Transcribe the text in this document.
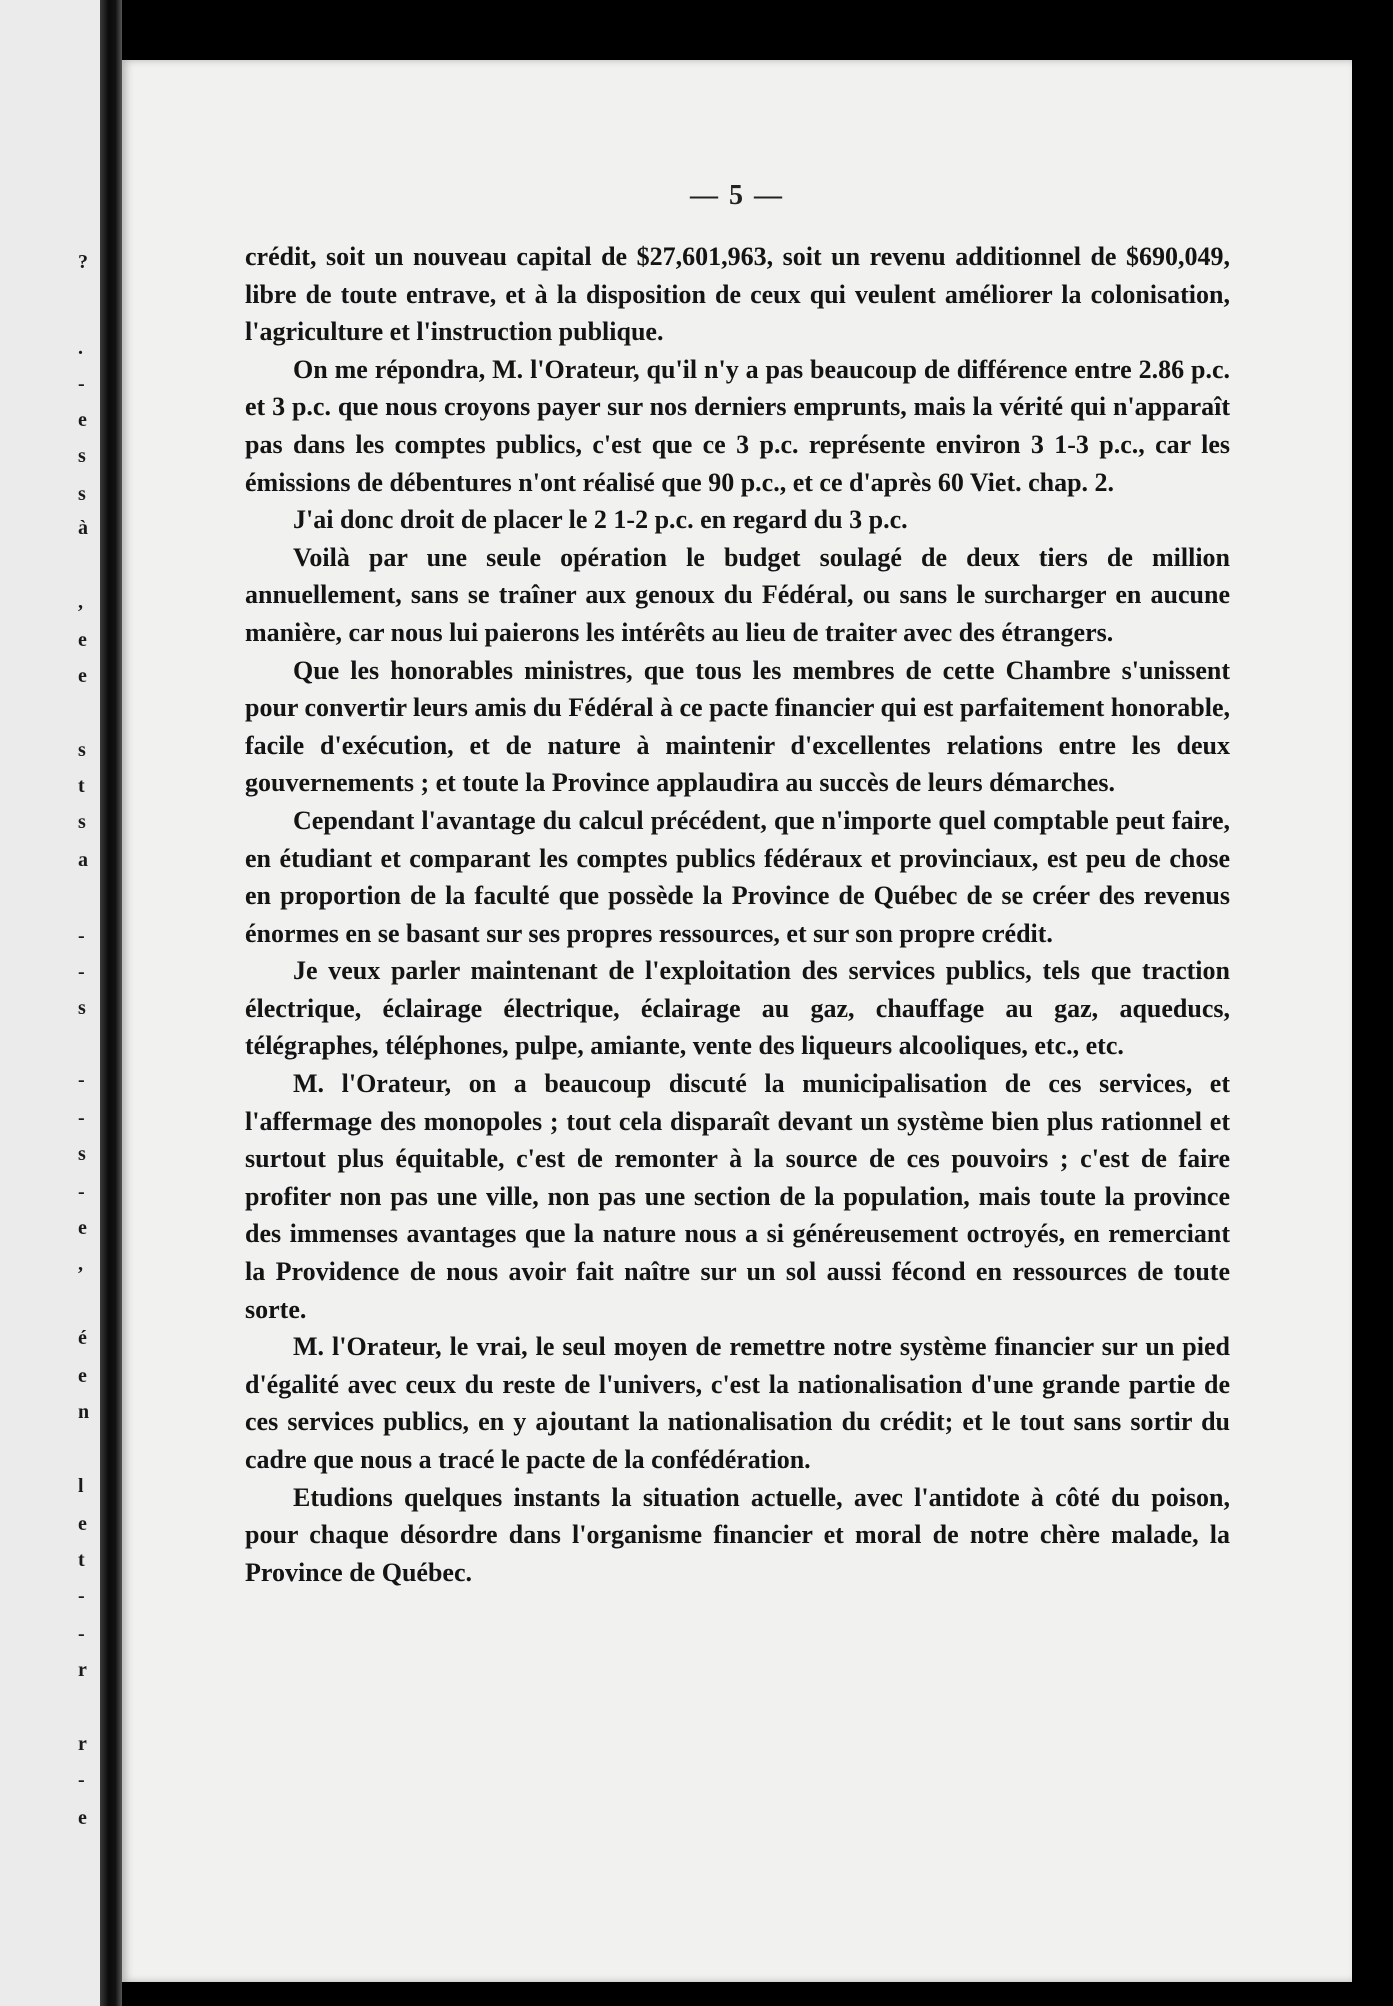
?
.
-
e
s
s
à
,
e
e
s
t
s
a
-
-
s
-
-
s
-
e
,
é
e
n
l
e
t
-
-
r
r
-
e
— 5 —

crédit, soit un nouveau capital de $27,601,963, soit un revenu additionnel de $690,049, libre de toute entrave, et à la disposition de ceux qui veulent améliorer la colonisation, l'agriculture et l'instruction publique.

On me répondra, M. l'Orateur, qu'il n'y a pas beaucoup de différence entre 2.86 p.c. et 3 p.c. que nous croyons payer sur nos derniers emprunts, mais la vérité qui n'apparaît pas dans les comptes publics, c'est que ce 3 p.c. représente environ 3 1-3 p.c., car les émissions de débentures n'ont réalisé que 90 p.c., et ce d'après 60 Viet. chap. 2.

J'ai donc droit de placer le 2 1-2 p.c. en regard du 3 p.c.

Voilà par une seule opération le budget soulagé de deux tiers de million annuellement, sans se traîner aux genoux du Fédéral, ou sans le surcharger en aucune manière, car nous lui paierons les intérêts au lieu de traiter avec des étrangers.

Que les honorables ministres, que tous les membres de cette Chambre s'unissent pour convertir leurs amis du Fédéral à ce pacte financier qui est parfaitement honorable, facile d'exécution, et de nature à maintenir d'excellentes relations entre les deux gouvernements ; et toute la Province applaudira au succès de leurs démarches.

Cependant l'avantage du calcul précédent, que n'importe quel comptable peut faire, en étudiant et comparant les comptes publics fédéraux et provinciaux, est peu de chose en proportion de la faculté que possède la Province de Québec de se créer des revenus énormes en se basant sur ses propres ressources, et sur son propre crédit.

Je veux parler maintenant de l'exploitation des services publics, tels que traction électrique, éclairage électrique, éclairage au gaz, chauffage au gaz, aqueducs, télégraphes, téléphones, pulpe, amiante, vente des liqueurs alcooliques, etc., etc.

M. l'Orateur, on a beaucoup discuté la municipalisation de ces services, et l'affermage des monopoles ; tout cela disparaît devant un système bien plus rationnel et surtout plus équitable, c'est de remonter à la source de ces pouvoirs ; c'est de faire profiter non pas une ville, non pas une section de la population, mais toute la province des immenses avantages que la nature nous a si généreusement octroyés, en remerciant la Providence de nous avoir fait naître sur un sol aussi fécond en ressources de toute sorte.

M. l'Orateur, le vrai, le seul moyen de remettre notre système financier sur un pied d'égalité avec ceux du reste de l'univers, c'est la nationalisation d'une grande partie de ces services publics, en y ajoutant la nationalisation du crédit; et le tout sans sortir du cadre que nous a tracé le pacte de la confédération.

Etudions quelques instants la situation actuelle, avec l'antidote à côté du poison, pour chaque désordre dans l'organisme financier et moral de notre chère malade, la Province de Québec.
